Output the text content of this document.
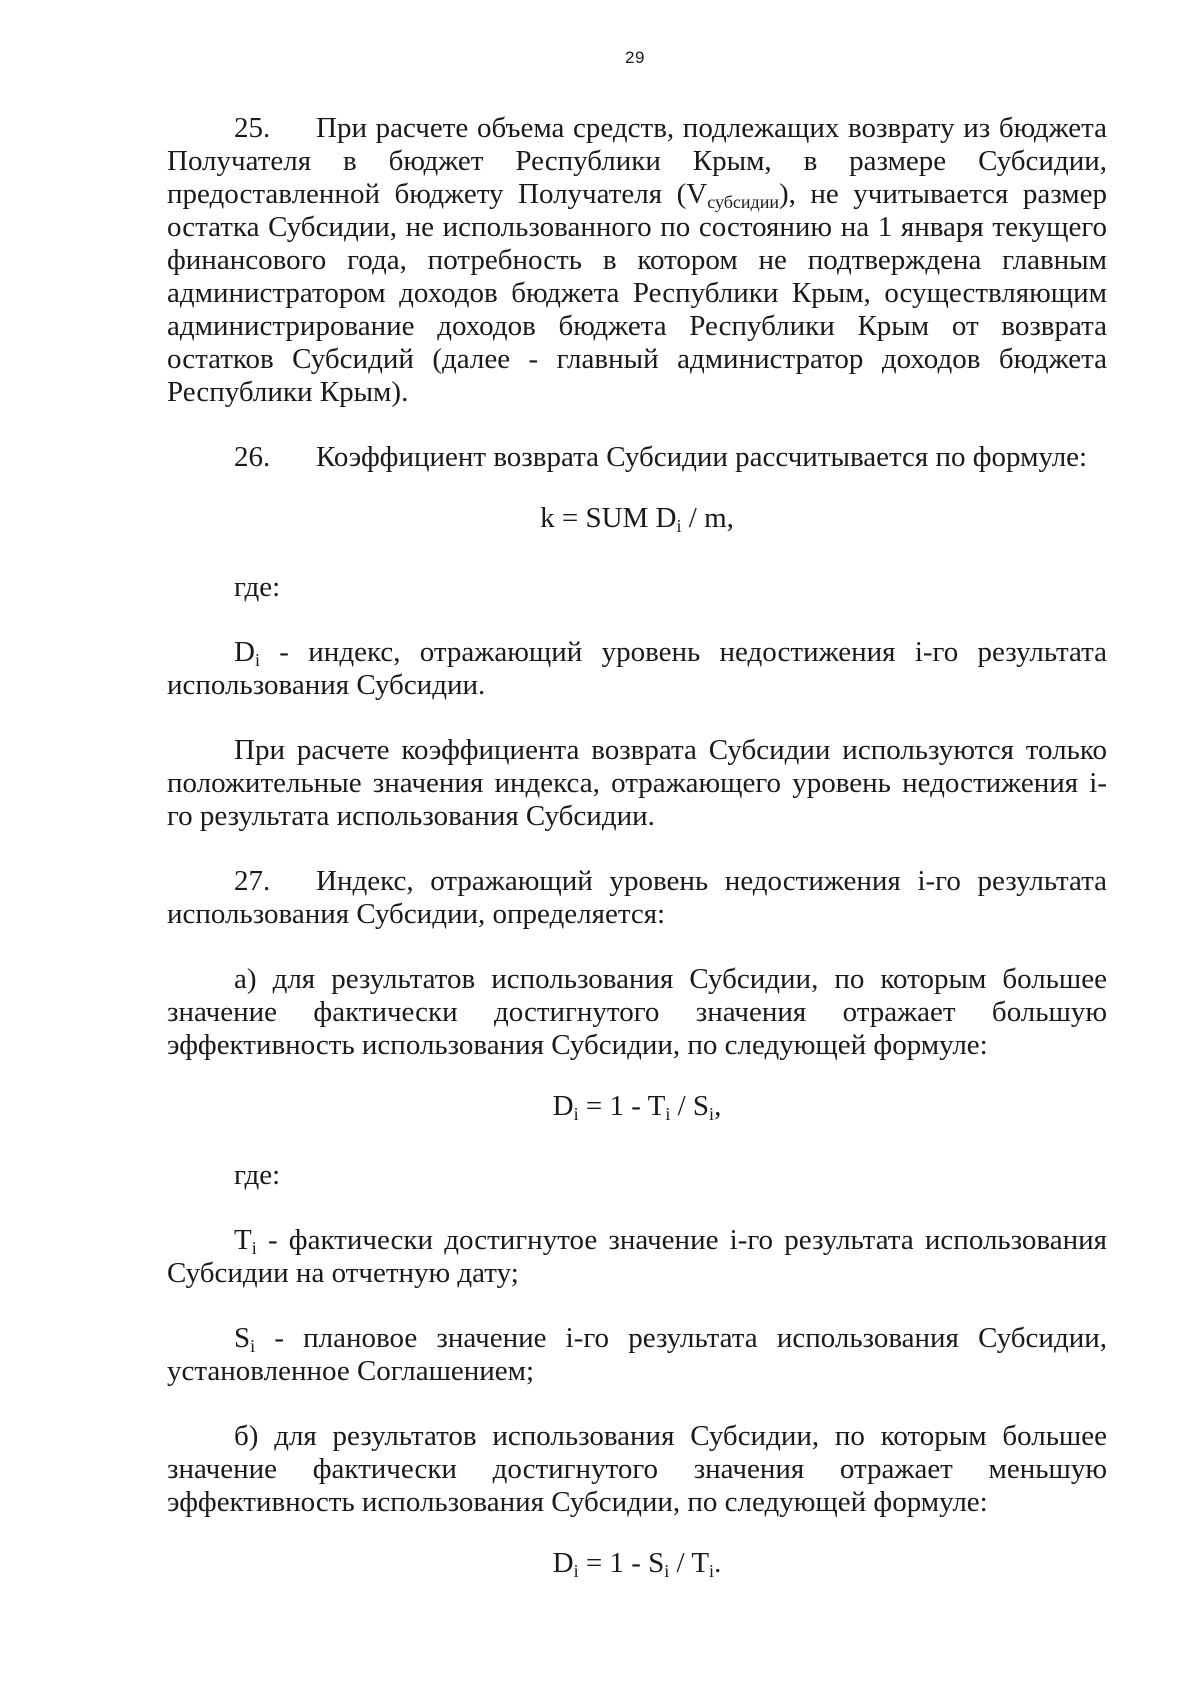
29

25. При расчете объема средств, подлежащих возврату из бюджета Получателя в бюджет Республики Крым, в размере Субсидии, предоставленной бюджету Получателя $(V_{субсидии})$, не учитывается размер остатка Субсидии, не использованного по состоянию на 1 января текущего финансового года, потребность в котором не подтверждена главным администратором доходов бюджета Республики Крым, осуществляющим администрирование доходов бюджета Республики Крым от возврата остатков Субсидий (далее - главный администратор доходов бюджета Республики Крым).

26. Коэффициент возврата Субсидии рассчитывается по формуле:

k = SUM $D_i$ / m,

где:

$D_i$ - индекс, отражающий уровень недостижения i-го результата использования Субсидии.

При расчете коэффициента возврата Субсидии используются только положительные значения индекса, отражающего уровень недостижения i-го результата использования Субсидии.

27. Индекс, отражающий уровень недостижения i-го результата использования Субсидии, определяется:

а) для результатов использования Субсидии, по которым большее значение фактически достигнутого значения отражает большую эффективность использования Субсидии, по следующей формуле:

$D_i = 1 - T_i / S_i$,

где:

$T_i$ - фактически достигнутое значение i-го результата использования Субсидии на отчетную дату;

$S_i$ - плановое значение i-го результата использования Субсидии, установленное Соглашением;

б) для результатов использования Субсидии, по которым большее значение фактически достигнутого значения отражает меньшую эффективность использования Субсидии, по следующей формуле:

$D_i = 1 - S_i / T_i$.
